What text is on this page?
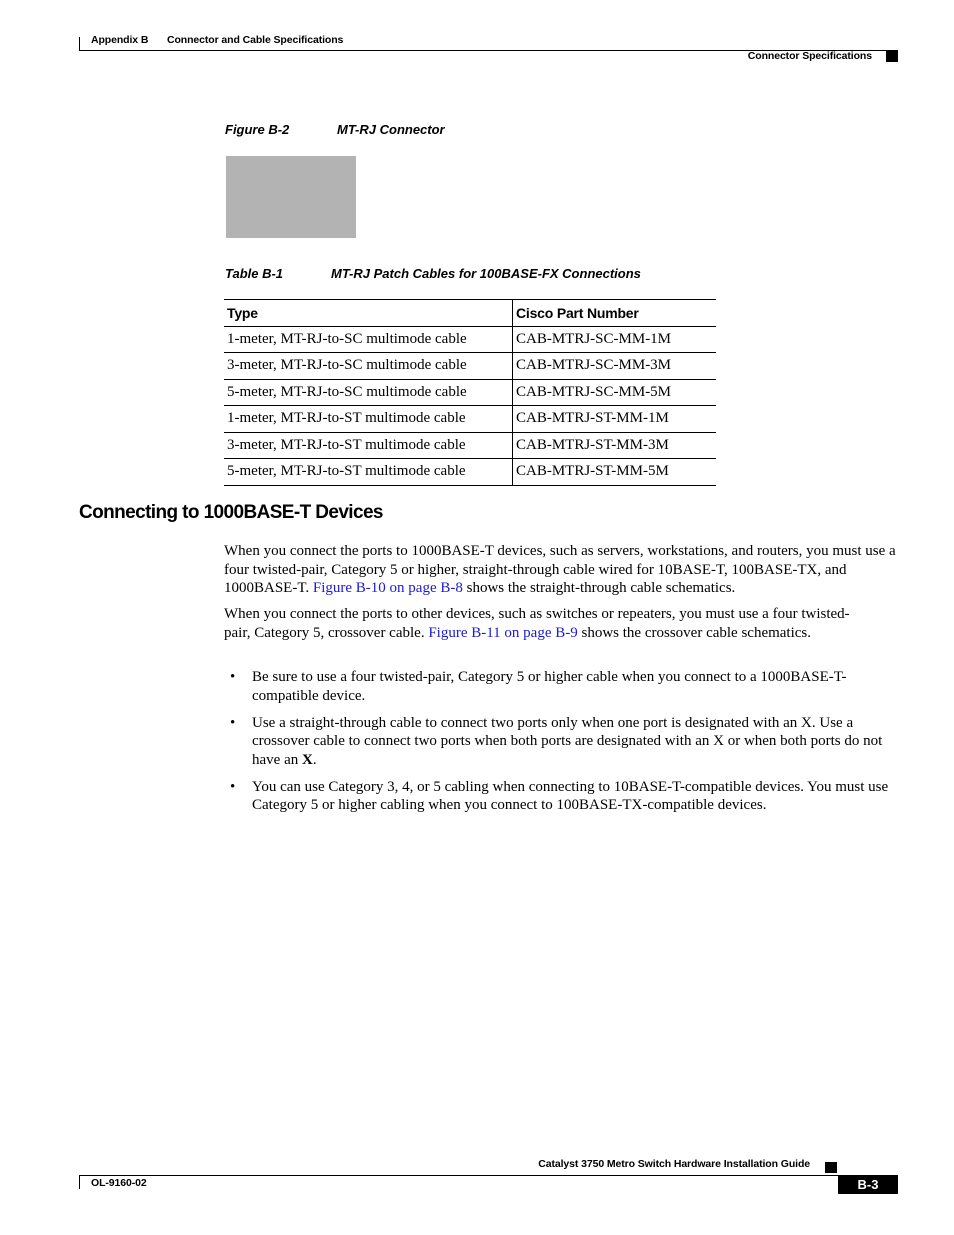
Appendix B Connector and Cable Specifications
Connector Specifications
Figure B-2	MT-RJ Connector
Table B-1	MT-RJ Patch Cables for 100BASE-FX Connections
Type	Cisco Part Number
1-meter, MT-RJ-to-SC multimode cable	CAB-MTRJ-SC-MM-1M
3-meter, MT-RJ-to-SC multimode cable	CAB-MTRJ-SC-MM-3M
5-meter, MT-RJ-to-SC multimode cable	CAB-MTRJ-SC-MM-5M
1-meter, MT-RJ-to-ST multimode cable	CAB-MTRJ-ST-MM-1M
3-meter, MT-RJ-to-ST multimode cable	CAB-MTRJ-ST-MM-3M
5-meter, MT-RJ-to-ST multimode cable	CAB-MTRJ-ST-MM-5M
Connecting to 1000BASE-T Devices

When you connect the ports to 1000BASE-T devices, such as servers, workstations, and routers, you must use a four twisted-pair, Category 5 or higher, straight-through cable wired for 10BASE-T, 100BASE-TX, and 1000BASE-T. Figure B-10 on page B-8 shows the straight-through cable schematics.

When you connect the ports to other devices, such as switches or repeaters, you must use a four twisted-pair, Category 5, crossover cable. Figure B-11 on page B-9 shows the crossover cable schematics.

• Be sure to use a four twisted-pair, Category 5 or higher cable when you connect to a 1000BASE-T-compatible device.
• Use a straight-through cable to connect two ports only when one port is designated with an X. Use a crossover cable to connect two ports when both ports are designated with an X or when both ports do not have an X.
• You can use Category 3, 4, or 5 cabling when connecting to 10BASE-T-compatible devices. You must use Category 5 or higher cabling when you connect to 100BASE-TX-compatible devices.
Catalyst 3750 Metro Switch Hardware Installation Guide
OL-9160-02	B-3
